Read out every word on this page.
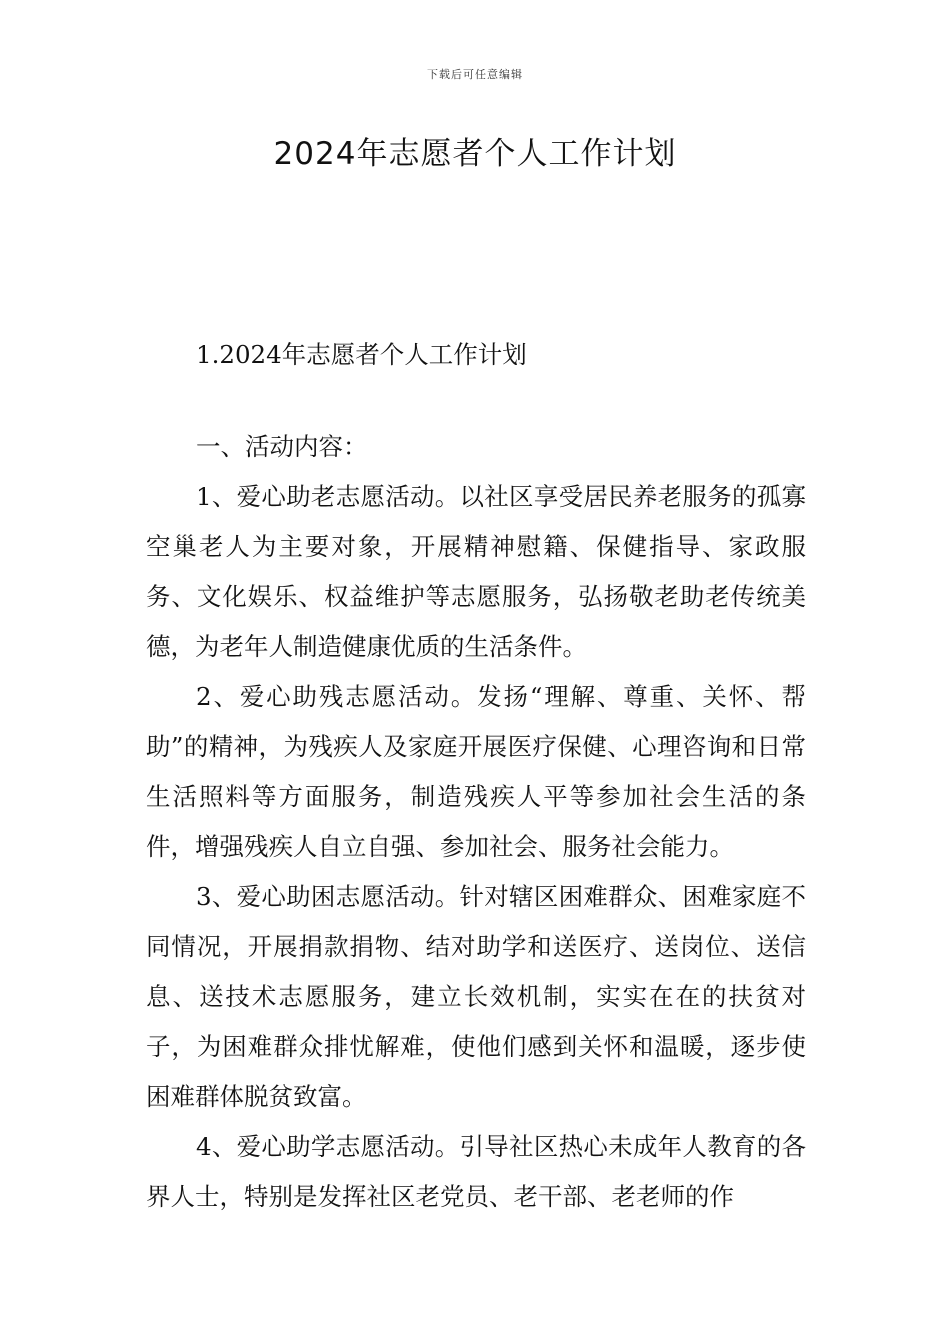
下载后可任意编辑
2024年志愿者个人工作计划

1.2024年志愿者个人工作计划

一、活动内容：

1、爱心助老志愿活动。以社区享受居民养老服务的孤寡空巢老人为主要对象，开展精神慰籍、保健指导、家政服务、文化娱乐、权益维护等志愿服务，弘扬敬老助老传统美德，为老年人制造健康优质的生活条件。

2、爱心助残志愿活动。发扬“理解、尊重、关怀、帮助”的精神，为残疾人及家庭开展医疗保健、心理咨询和日常生活照料等方面服务，制造残疾人平等参加社会生活的条件，增强残疾人自立自强、参加社会、服务社会能力。

3、爱心助困志愿活动。针对辖区困难群众、困难家庭不同情况，开展捐款捐物、结对助学和送医疗、送岗位、送信息、送技术志愿服务，建立长效机制，实实在在的扶贫对子，为困难群众排忧解难，使他们感到关怀和温暖，逐步使困难群体脱贫致富。

4、爱心助学志愿活动。引导社区热心未成年人教育的各界人士，特别是发挥社区老党员、老干部、老老师的作
